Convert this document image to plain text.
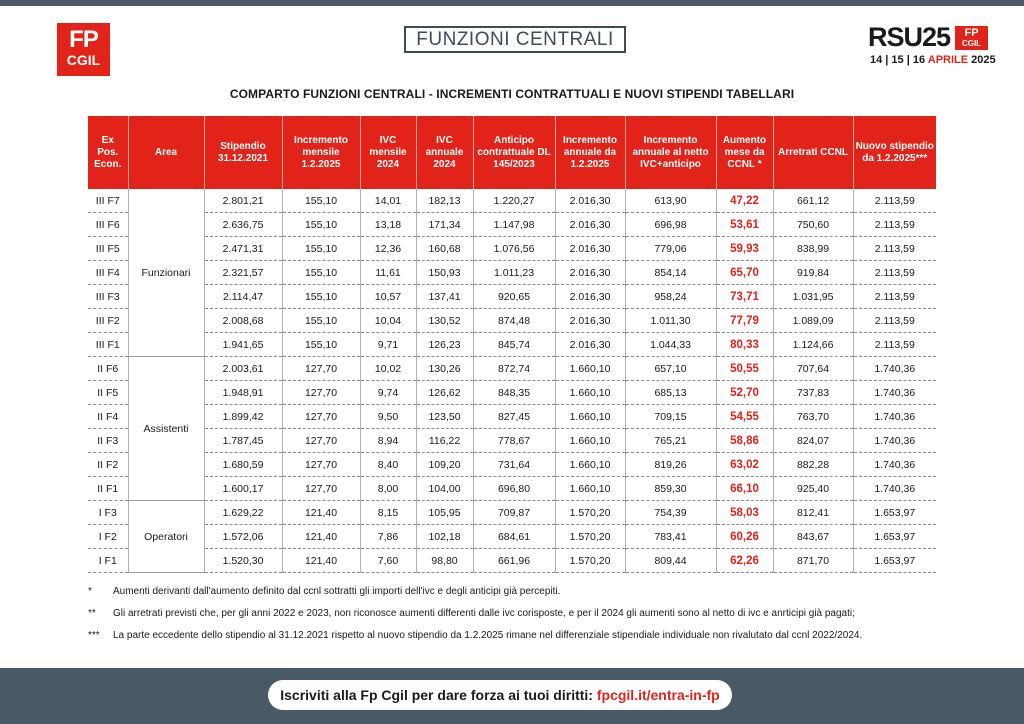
FP
CGIL
FUNZIONI CENTRALI	RSU25	FP
CGIL
14 | 15 | 16 APRILE 2025
COMPARTO FUNZIONI CENTRALI - INCREMENTI CONTRATTUALI E NUOVI STIPENDI TABELLARI
Ex Pos. Econ.	Area	Stipendio 31.12.2021	Incremento mensile 1.2.2025	IVC mensile 2024	IVC annuale 2024	Anticipo contrattuale DL 145/2023	Incremento annuale da 1.2.2025	Incremento annuale al netto IVC+anticipo	Aumento mese da CCNL *	Arretrati CCNL	Nuovo stipendio da 1.2.2025***
III F7	Funzionari	2.801,21	155,10	14,01	182,13	1.220,27	2.016,30	613,90	47,22	661,12	2.113,59
III F6		2.636,75	155,10	13,18	171,34	1.147,98	2.016,30	696,98	53,61	750,60	2.113,59
III F5		2.471,31	155,10	12,36	160,68	1.076,56	2.016,30	779,06	59,93	838,99	2.113,59
III F4		2.321,57	155,10	11,61	150,93	1.011,23	2.016,30	854,14	65,70	919,84	2.113,59
III F3		2.114,47	155,10	10,57	137,41	920,65	2.016,30	958,24	73,71	1.031,95	2.113,59
III F2		2.008,68	155,10	10,04	130,52	874,48	2.016,30	1.011,30	77,79	1.089,09	2.113,59
III F1		1.941,65	155,10	9,71	126,23	845,74	2.016,30	1.044,33	80,33	1.124,66	2.113,59
II F6	Assistenti	2.003,61	127,70	10,02	130,26	872,74	1.660,10	657,10	50,55	707,64	1.740,36
II F5		1.948,91	127,70	9,74	126,62	848,35	1.660,10	685,13	52,70	737,83	1.740,36
II F4		1.899,42	127,70	9,50	123,50	827,45	1.660,10	709,15	54,55	763,70	1.740,36
II F3		1.787,45	127,70	8,94	116,22	778,67	1.660,10	765,21	58,86	824,07	1.740,36
II F2		1.680,59	127,70	8,40	109,20	731,64	1.660,10	819,26	63,02	882,28	1.740,36
II F1		1.600,17	127,70	8,00	104,00	696,80	1.660,10	859,30	66,10	925,40	1.740,36
I F3	Operatori	1.629,22	121,40	8,15	105,95	709,87	1.570,20	754,39	58,03	812,41	1.653,97
I F2		1.572,06	121,40	7,86	102,18	684,61	1.570,20	783,41	60,26	843,67	1.653,97
I F1		1.520,30	121,40	7,60	98,80	661,96	1.570,20	809,44	62,26	871,70	1.653,97
*	Aumenti derivanti dall'aumento definito dal ccnl sottratti gli importi dell'ivc e degli anticipi già percepiti.
**	Gli arretrati previsti che, per gli anni 2022 e 2023, non riconosce aumenti differenti dalle ivc corisposte, e per il 2024 gli aumenti sono al netto di ivc e anrticipi già pagati;
***	La parte eccedente dello stipendio al 31.12.2021 rispetto al nuovo stipendio da 1.2.2025 rimane nel differenziale stipendiale individuale non rivalutato dal ccnl 2022/2024.
Iscriviti alla Fp Cgil per dare forza ai tuoi diritti: fpcgil.it/entra-in-fp
